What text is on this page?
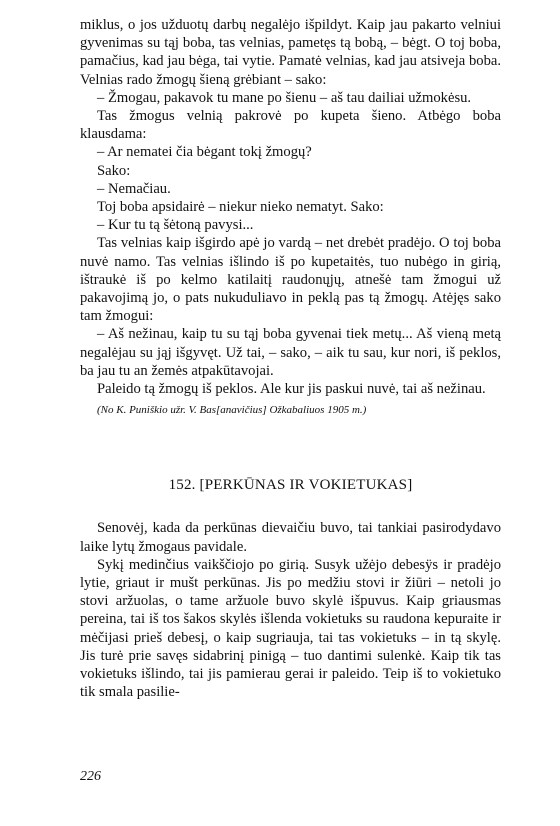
miklus, o jos užduotų darbų negalėjo išpildyt. Kaip jau pakarto velniui gyvenimas su tąj boba, tas velnias, pametęs tą bobą, – bėgt. O toj boba, pamačius, kad jau bėga, tai vytie. Pamatė velnias, kad jau atsiveja boba. Velnias rado žmogų šieną grėbiant – sako:

– Žmogau, pakavok tu mane po šienu – aš tau dailiai užmokėsu.

Tas žmogus velnią pakrovė po kupeta šieno. Atbėgo boba klausdama:

– Ar nematei čia bėgant tokį žmogų?

Sako:

– Nemačiau.

Toj boba apsidairė – niekur nieko nematyt. Sako:

– Kur tu tą šėtoną pavysi...

Tas velnias kaip išgirdo apė jo vardą – net drebėt pradėjo. O toj boba nuvė namo. Tas velnias išlindo iš po kupetaitės, tuo nubėgo in girią, ištraukė iš po kelmo katilaitį raudonųjų, atnešė tam žmogui už pakavojimą jo, o pats nukuduliavo in peklą pas tą žmogų. Atėjęs sako tam žmogui:

– Aš nežinau, kaip tu su tąj boba gyvenai tiek metų... Aš vieną metą negalėjau su jąj išgyvęt. Už tai, – sako, – aik tu sau, kur nori, iš peklos, ba jau tu an žemės atpakūtavojai.

Paleido tą žmogų iš peklos. Ale kur jis paskui nuvė, tai aš nežinau.

(No K. Puniškio užr. V. Bas[anavičius] Ožkabaliuos 1905 m.)

152. [PERKŪNAS IR VOKIETUKAS]

Senovėj, kada da perkūnas dievaičiu buvo, tai tankiai pasirodydavo laike lytų žmogaus pavidale.

Sykį medinčius vaikščiojo po girią. Susyk užėjo debesÿs ir pradėjo lytie, griaut ir mušt perkūnas. Jis po medžiu stovi ir žiūri – netoli jo stovi aržuolas, o tame aržuole buvo skylė išpuvus. Kaip griausmas pereina, tai iš tos šakos skylės išlenda vokietuks su raudona kepuraite ir mėčijasi prieš debesį, o kaip sugriauja, tai tas vokietuks – in tą skylę. Jis turė prie savęs sidabrinį pinigą – tuo dantimi sulenkė. Kaip tik tas vokietuks išlindo, tai jis pamierau gerai ir paleido. Teip iš to vokietuko tik smala pasilie-

226
